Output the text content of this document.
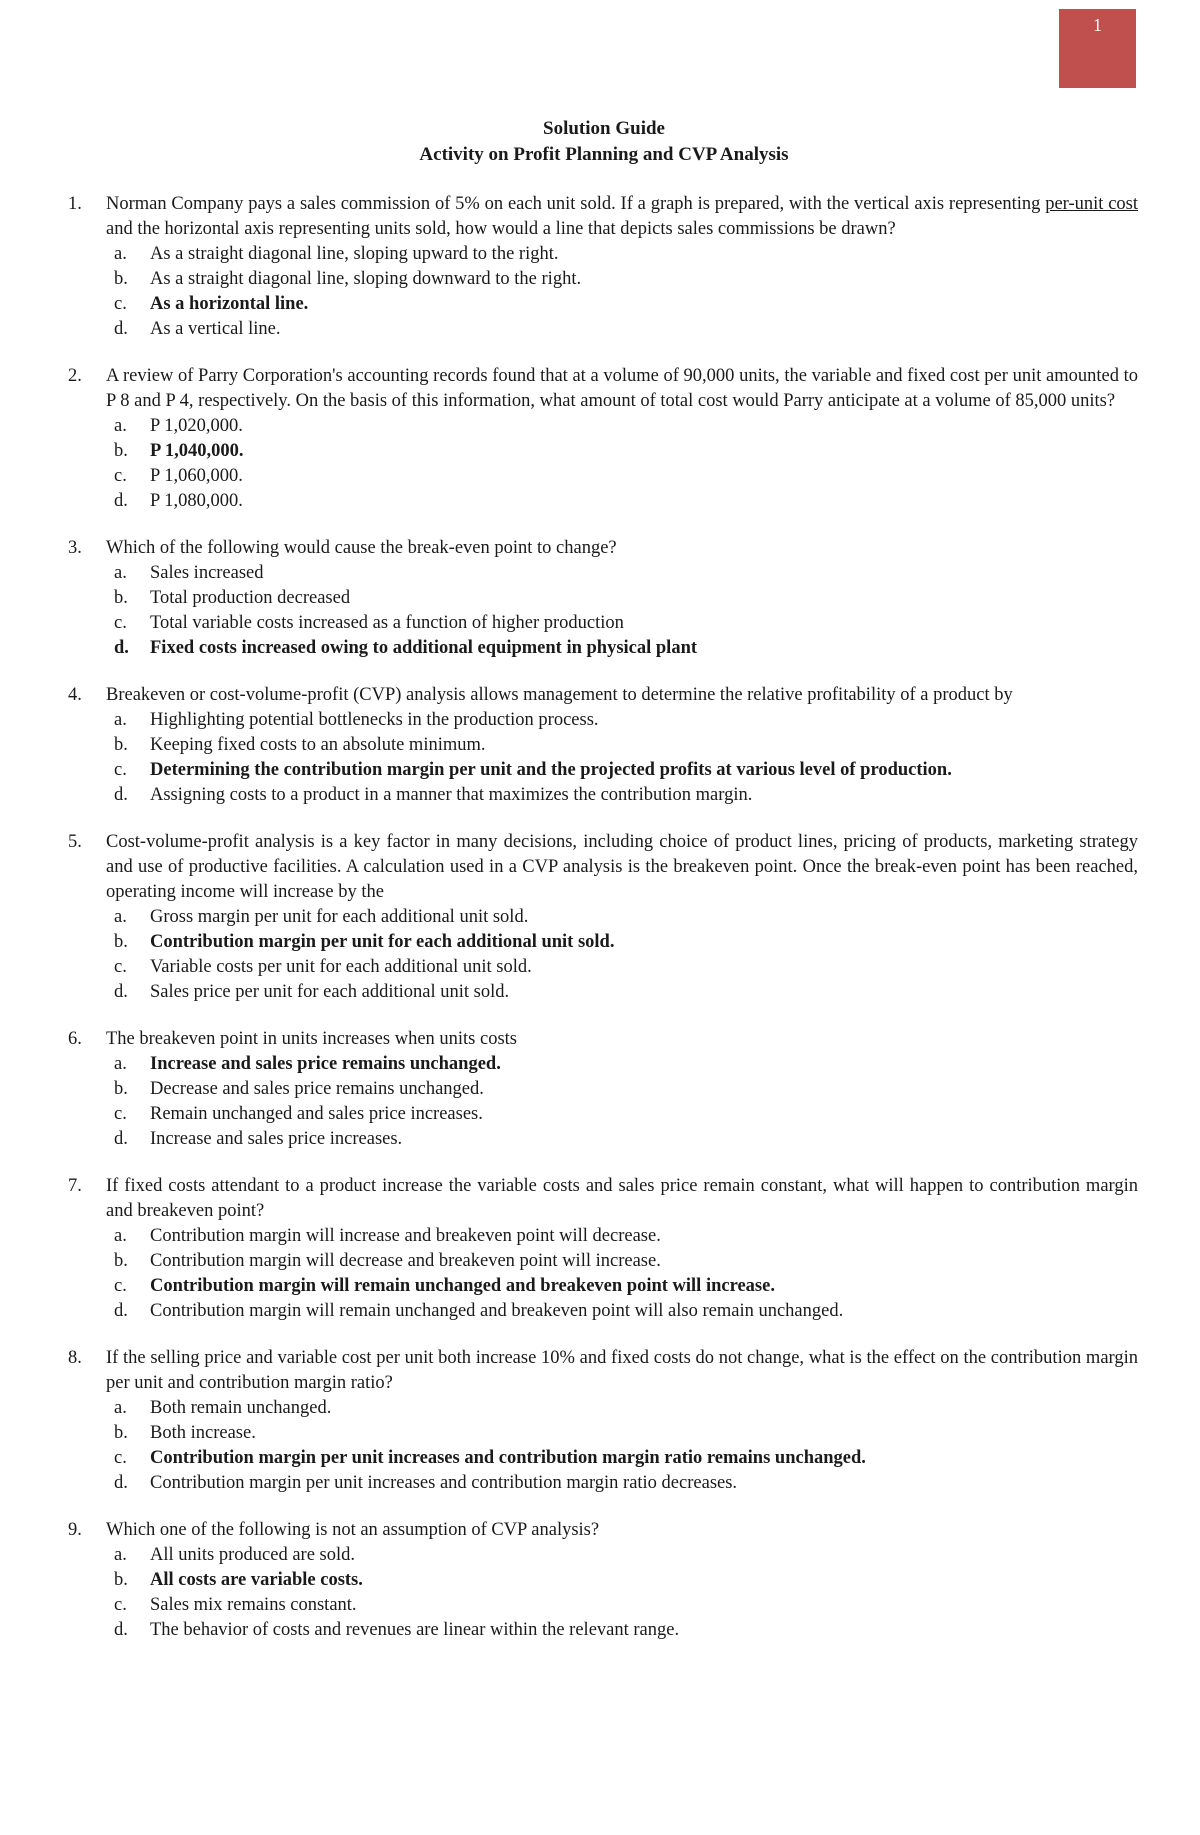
1
Solution Guide
Activity on Profit Planning and CVP Analysis
1.	Norman Company pays a sales commission of 5% on each unit sold. If a graph is prepared, with the vertical axis representing per-unit cost and the horizontal axis representing units sold, how would a line that depicts sales commissions be drawn?
a.	As a straight diagonal line, sloping upward to the right.
b.	As a straight diagonal line, sloping downward to the right.
c.	As a horizontal line.
d.	As a vertical line.
2.	A review of Parry Corporation's accounting records found that at a volume of 90,000 units, the variable and fixed cost per unit amounted to P 8 and P 4, respectively. On the basis of this information, what amount of total cost would Parry anticipate at a volume of 85,000 units?
a.	P 1,020,000.
b.	P 1,040,000.
c.	P 1,060,000.
d.	P 1,080,000.
3.	Which of the following would cause the break-even point to change?
a.	Sales increased
b.	Total production decreased
c.	Total variable costs increased as a function of higher production
d.	Fixed costs increased owing to additional equipment in physical plant
4.	Breakeven or cost-volume-profit (CVP) analysis allows management to determine the relative profitability of a product by
a.	Highlighting potential bottlenecks in the production process.
b.	Keeping fixed costs to an absolute minimum.
c.	Determining the contribution margin per unit and the projected profits at various level of production.
d.	Assigning costs to a product in a manner that maximizes the contribution margin.
5.	Cost-volume-profit analysis is a key factor in many decisions, including choice of product lines, pricing of products, marketing strategy and use of productive facilities. A calculation used in a CVP analysis is the breakeven point. Once the break-even point has been reached, operating income will increase by the
a.	Gross margin per unit for each additional unit sold.
b.	Contribution margin per unit for each additional unit sold.
c.	Variable costs per unit for each additional unit sold.
d.	Sales price per unit for each additional unit sold.
6.	The breakeven point in units increases when units costs
a.	Increase and sales price remains unchanged.
b.	Decrease and sales price remains unchanged.
c.	Remain unchanged and sales price increases.
d.	Increase and sales price increases.
7.	If fixed costs attendant to a product increase the variable costs and sales price remain constant, what will happen to contribution margin and breakeven point?
a.	Contribution margin will increase and breakeven point will decrease.
b.	Contribution margin will decrease and breakeven point will increase.
c.	Contribution margin will remain unchanged and breakeven point will increase.
d.	Contribution margin will remain unchanged and breakeven point will also remain unchanged.
8.	If the selling price and variable cost per unit both increase 10% and fixed costs do not change, what is the effect on the contribution margin per unit and contribution margin ratio?
a.	Both remain unchanged.
b.	Both increase.
c.	Contribution margin per unit increases and contribution margin ratio remains unchanged.
d.	Contribution margin per unit increases and contribution margin ratio decreases.
9.	Which one of the following is not an assumption of CVP analysis?
a.	All units produced are sold.
b.	All costs are variable costs.
c.	Sales mix remains constant.
d.	The behavior of costs and revenues are linear within the relevant range.
